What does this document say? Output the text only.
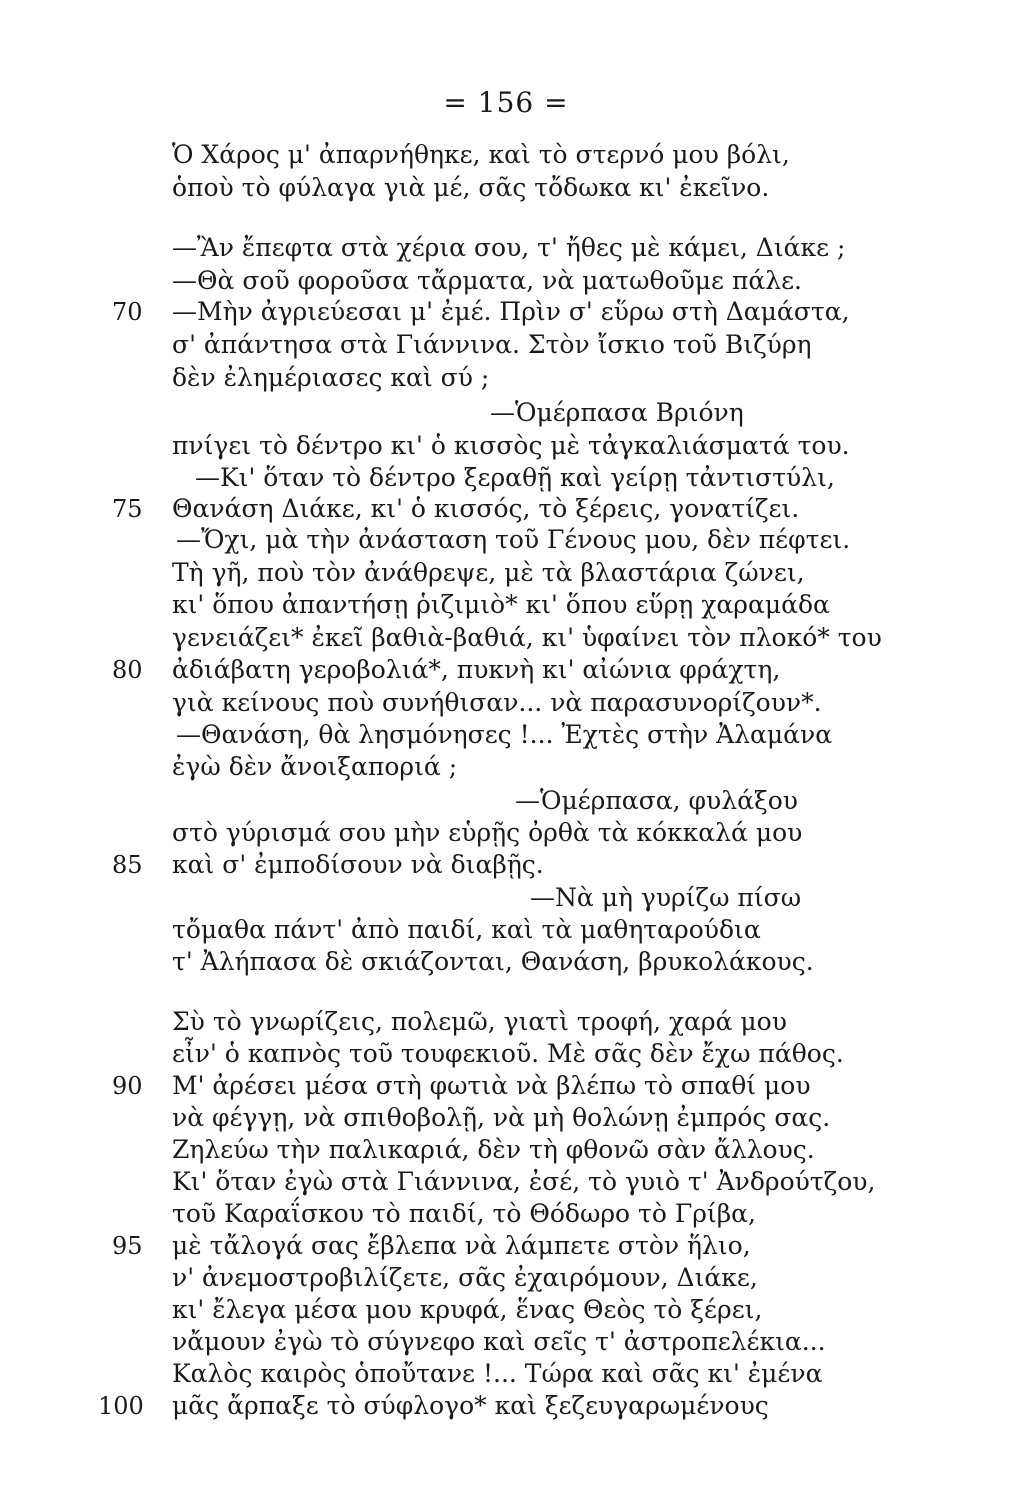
= 156 =
Ὁ Χάρος μ' ἀπαρνήθηκε, καὶ τὸ στερνό μου βόλι,
ὁποὺ τὸ φύλαγα γιὰ μέ, σᾶς τὄδωκα κι' ἐκεῖνο.
—Ἂν ἔπεφτα στὰ χέρια σου, τ' ἤθες μὲ κάμει, Διάκε ;
—Θὰ σοῦ φοροῦσα τἄρματα, νὰ ματωθοῦμε πάλε.
70 —Μὴν ἀγριεύεσαι μ' ἐμέ. Πρὶν σ' εὕρω στὴ Δαμάστα,
σ' ἀπάντησα στὰ Γιάννινα. Στὸν ἴσκιο τοῦ Βιζύρη
δὲν ἐλημέριασες καὶ σύ ;
—Ὁμέρπασα Βριόνη
πνίγει τὸ δέντρο κι' ὁ κισσὸς μὲ τἀγκαλιάσματά του.
—Κι' ὅταν τὸ δέντρο ξεραθῇ καὶ γείρῃ τἀντιστύλι,
75 Θανάση Διάκε, κι' ὁ κισσός, τὸ ξέρεις, γονατίζει.
—Ὄχι, μὰ τὴν ἀνάσταση τοῦ Γένους μου, δὲν πέφτει.
Τὴ γῆ, ποὺ τὸν ἀνάθρεψε, μὲ τὰ βλαστάρια ζώνει,
κι' ὅπου ἀπαντήσῃ ῥιζιμιὸ* κι' ὅπου εὕρῃ χαραμάδα
γενειάζει* ἐκεῖ βαθιὰ-βαθιά, κι' ὑφαίνει τὸν πλοκό* του
80 ἀδιάβατη γεροβολιά*, πυκνὴ κι' αἰώνια φράχτη,
γιὰ κείνους ποὺ συνήθισαν... νὰ παρασυνορίζουν*.
—Θανάση, θὰ λησμόνησες !... Ἐχτὲς στὴν Ἀλαμάνα
ἐγὼ δὲν ἄνοιξαποριά ;
—Ὁμέρπασα, φυλάξου
στὸ γύρισμά σου μὴν εὑρῇς ὀρθὰ τὰ κόκκαλά μου
85 καὶ σ' ἐμποδίσουν νὰ διαβῇς.
—Νὰ μὴ γυρίζω πίσω
τὄμαθα πάντ' ἀπὸ παιδί, καὶ τὰ μαθηταρούδια
τ' Ἀλήπασα δὲ σκιάζονται, Θανάση, βρυκολάκους.
Σὺ τὸ γνωρίζεις, πολεμῶ, γιατὶ τροφή, χαρά μου
εἶν' ὁ καπνὸς τοῦ τουφεκιοῦ. Μὲ σᾶς δὲν ἔχω πάθος.
90 Μ' ἀρέσει μέσα στὴ φωτιὰ νὰ βλέπω τὸ σπαθί μου
νὰ φέγγῃ, νὰ σπιθοβολῇ, νὰ μὴ θολώνῃ ἐμπρός σας.
Ζηλεύω τὴν παλικαριά, δὲν τὴ φθονῶ σὰν ἄλλους.
Κι' ὅταν ἐγὼ στὰ Γιάννινα, ἐσέ, τὸ γυιὸ τ' Ἀνδρούτζου,
τοῦ Καραΐσκου τὸ παιδί, τὸ Θόδωρο τὸ Γρίβα,
95 μὲ τἄλογά σας ἔβλεπα νὰ λάμπετε στὸν ἥλιο,
ν' ἀνεμοστροβιλίζετε, σᾶς ἐχαιρόμουν, Διάκε,
κι' ἔλεγα μέσα μου κρυφά, ἕνας Θεὸς τὸ ξέρει,
νἄμουν ἐγὼ τὸ σύγνεφο καὶ σεῖς τ' ἀστροπελέκια...
Καλὸς καιρὸς ὁποὔτανε !... Τώρα καὶ σᾶς κι' ἐμένα
100 μᾶς ἄρπαξε τὸ σύφλογο* καὶ ξεζευγαρωμένους
